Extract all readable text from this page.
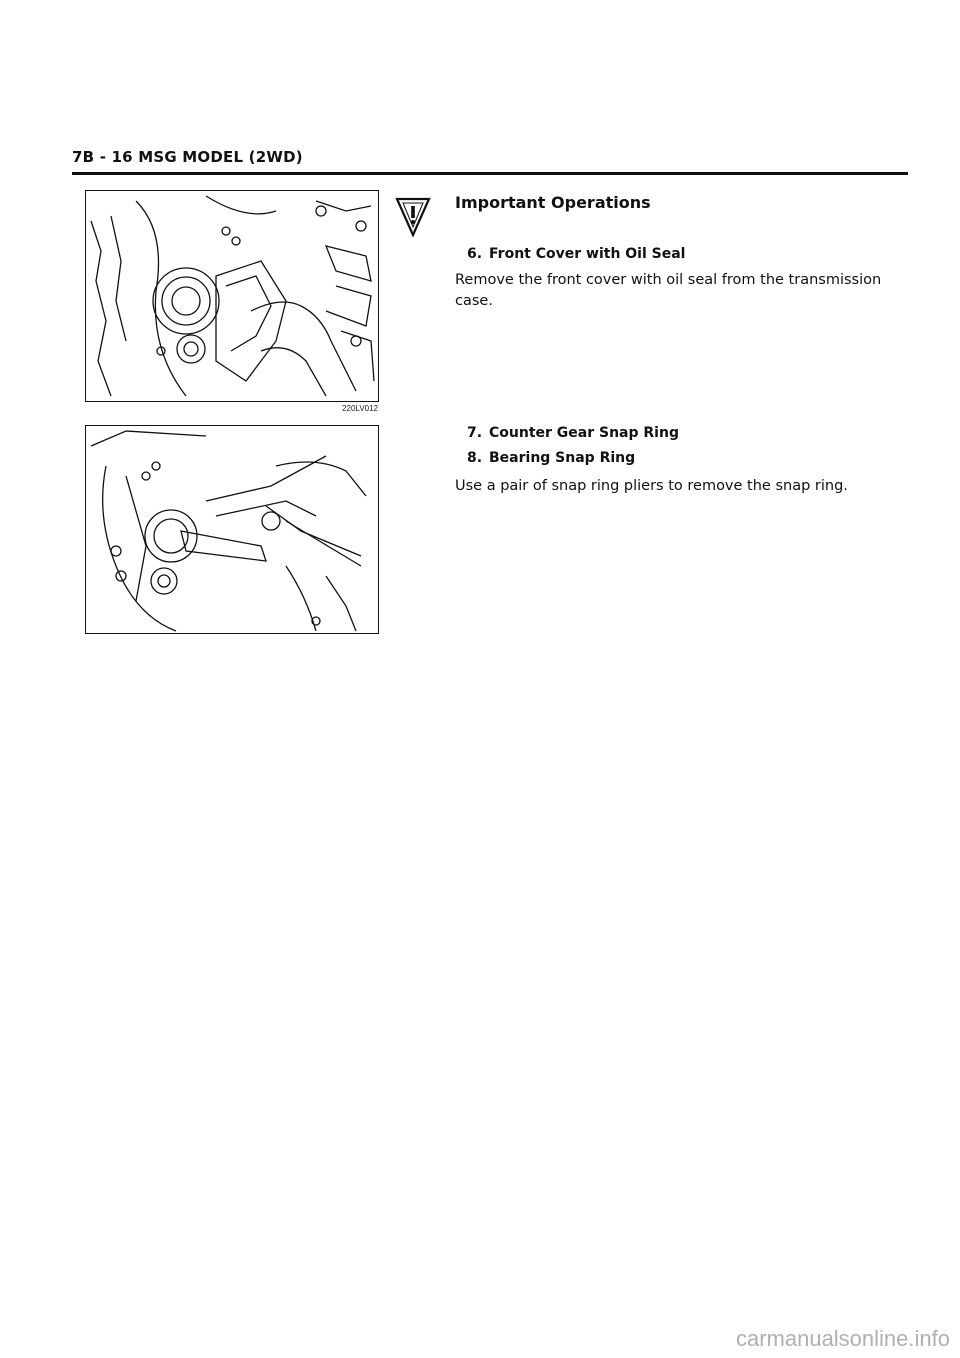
7B - 16 MSG MODEL (2WD)
220LV012
Important Operations
6. Front Cover with Oil Seal
Remove the front cover with oil seal from the transmission case.
7. Counter Gear Snap Ring
8. Bearing Snap Ring
Use a pair of snap ring pliers to remove the snap ring.
carmanualsonline.info
